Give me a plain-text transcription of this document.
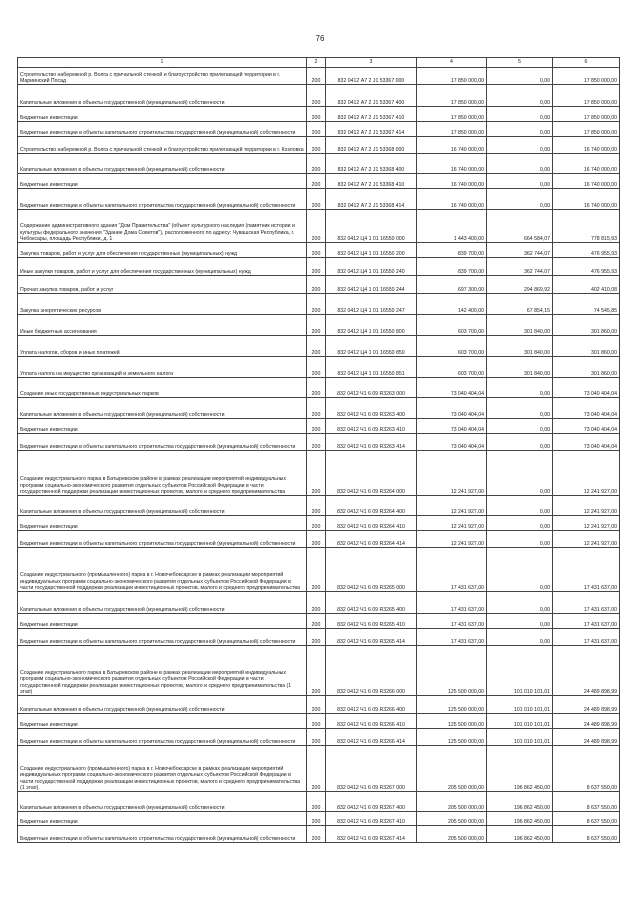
76
1	2	3	4	5	6
Строительство набережной р. Волга с причальной стенкой и благоустройство прилегающей территории в г. Мариинский Посад	200	832 0412 А7 2 J1 53367 000	17 850 000,00	0,00	17 850 000,00
Капитальные вложения в объекты государственной (муниципальной) собственности	200	832 0412 А7 2 J1 53367 400	17 850 000,00	0,00	17 850 000,00
Бюджетные инвестиции	200	832 0412 А7 2 J1 53367 410	17 850 000,00	0,00	17 850 000,00
Бюджетные инвестиции в объекты капитального строительства государственной (муниципальной) собственности	200	832 0412 А7 2 J1 53367 414	17 850 000,00	0,00	17 850 000,00
Строительство набережной р. Волга с причальной стенкой и благоустройство прилегающей территории в г. Козловка	200	832 0412 А7 2 J1 53368 000	16 740 000,00	0,00	16 740 000,00
Капитальные вложения в объекты государственной (муниципальной) собственности	200	832 0412 А7 2 J1 53368 400	16 740 000,00	0,00	16 740 000,00
Бюджетные инвестиции	200	832 0412 А7 2 J1 53368 410	16 740 000,00	0,00	16 740 000,00
Бюджетные инвестиции в объекты капитального строительства государственной (муниципальной) собственности	200	832 0412 А7 2 J1 53368 414	16 740 000,00	0,00	16 740 000,00
Содержание административного здания "Дом Правительства" (объект культурного наследия (памятник истории и культуры федерального значения "Здание Дома Советов"), расположенного по адресу: Чувашская Республика, г. Чебоксары, площадь Республики, д. 1	200	832 0412 Ц4 1 01 16550 000	1 443 400,00	664 584,07	778 815,93
Закупка товаров, работ и услуг для обеспечения государственных (муниципальных) нужд	200	832 0412 Ц4 1 01 16550 200	839 700,00	362 744,07	476 955,93
Иные закупки товаров, работ и услуг для обеспечения государственных (муниципальных) нужд	200	832 0412 Ц4 1 01 16550 240	839 700,00	362 744,07	476 955,93
Прочая закупка товаров, работ и услуг	200	832 0412 Ц4 1 01 16550 244	697 300,00	294 869,92	402 410,08
Закупка энергетических ресурсов	200	832 0412 Ц4 1 01 16550 247	142 400,00	67 854,15	74 545,85
Иные бюджетные ассигнования	200	832 0412 Ц4 1 01 16550 800	603 700,00	301 840,00	301 860,00
Уплата налогов, сборов и иных платежей	200	832 0412 Ц4 1 01 16550 850	603 700,00	301 840,00	301 860,00
Уплата налога на имущество организаций и земельного налога	200	832 0412 Ц4 1 01 16550 851	603 700,00	301 840,00	301 860,00
Создание иных государственных индустриальных парков	200	832 0412 Ч1 6 09 R3263 000	73 040 404,04	0,00	73 040 404,04
Капитальные вложения в объекты государственной (муниципальной) собственности	200	832 0412 Ч1 6 09 R3263 400	73 040 404,04	0,00	73 040 404,04
Бюджетные инвестиции	200	832 0412 Ч1 6 09 R3263 410	73 040 404,04	0,00	73 040 404,04
Бюджетные инвестиции в объекты капитального строительства государственной (муниципальной) собственности	200	832 0412 Ч1 6 09 R3263 414	73 040 404,04	0,00	73 040 404,04
Создание индустриального парка в Батыревском районе в рамках реализации мероприятий индивидуальных программ социально-экономического развития отдельных субъектов Российской Федерации в части государственной поддержки реализации инвестиционных проектов, малого и среднего предпринимательства	200	832 0412 Ч1 6 09 R3264 000	12 241 927,00	0,00	12 241 927,00
Капитальные вложения в объекты государственной (муниципальной) собственности	200	832 0412 Ч1 6 09 R3264 400	12 241 927,00	0,00	12 241 927,00
Бюджетные инвестиции	200	832 0412 Ч1 6 09 R3264 410	12 241 927,00	0,00	12 241 927,00
Бюджетные инвестиции в объекты капитального строительства государственной (муниципальной) собственности	200	832 0412 Ч1 6 09 R3264 414	12 241 927,00	0,00	12 241 927,00
Создание индустриального (промышленного) парка в г. Новочебоксарске в рамках реализации мероприятий индивидуальных программ социально-экономического развития отдельных субъектов Российской Федерации в части государственной поддержки реализации инвестиционных проектов, малого и среднего предпринимательства	200	832 0412 Ч1 6 09 R3265 000	17 431 637,00	0,00	17 431 637,00
Капитальные вложения в объекты государственной (муниципальной) собственности	200	832 0412 Ч1 6 09 R3265 400	17 431 637,00	0,00	17 431 637,00
Бюджетные инвестиции	200	832 0412 Ч1 6 09 R3265 410	17 431 637,00	0,00	17 431 637,00
Бюджетные инвестиции в объекты капитального строительства государственной (муниципальной) собственности	200	832 0412 Ч1 6 09 R3265 414	17 431 637,00	0,00	17 431 637,00
Создание индустриального парка в Батыревском районе в рамках реализации мероприятий индивидуальных программ социально-экономического развития отдельных субъектов Российской Федерации в части государственной поддержки реализации инвестиционных проектов, малого и среднего предпринимательства (1 этап)	200	832 0412 Ч1 6 09 R3266 000	125 500 000,00	101 010 101,01	24 489 898,99
Капитальные вложения в объекты государственной (муниципальной) собственности	200	832 0412 Ч1 6 09 R3266 400	125 500 000,00	101 010 101,01	24 489 898,99
Бюджетные инвестиции	200	832 0412 Ч1 6 09 R3266 410	125 500 000,00	101 010 101,01	24 489 898,99
Бюджетные инвестиции в объекты капитального строительства государственной (муниципальной) собственности	200	832 0412 Ч1 6 09 R3266 414	125 500 000,00	101 010 101,01	24 489 898,99
Создание индустриального (промышленного) парка в г. Новочебоксарске в рамках реализации мероприятий индивидуальных программ социально-экономического развития отдельных субъектов Российской Федерации в части государственной поддержки реализации инвестиционных проектов, малого и среднего предпринимательства (1 этап).	200	832 0412 Ч1 6 09 R3267 000	205 500 000,00	196 862 450,00	8 637 550,00
Капитальные вложения в объекты государственной (муниципальной) собственности	200	832 0412 Ч1 6 09 R3267 400	205 500 000,00	196 862 450,00	8 637 550,00
Бюджетные инвестиции	200	832 0412 Ч1 6 09 R3267 410	205 500 000,00	196 862 450,00	8 637 550,00
Бюджетные инвестиции в объекты капитального строительства государственной (муниципальной) собственности	200	832 0412 Ч1 6 09 R3267 414	205 500 000,00	196 862 450,00	8 637 550,00
